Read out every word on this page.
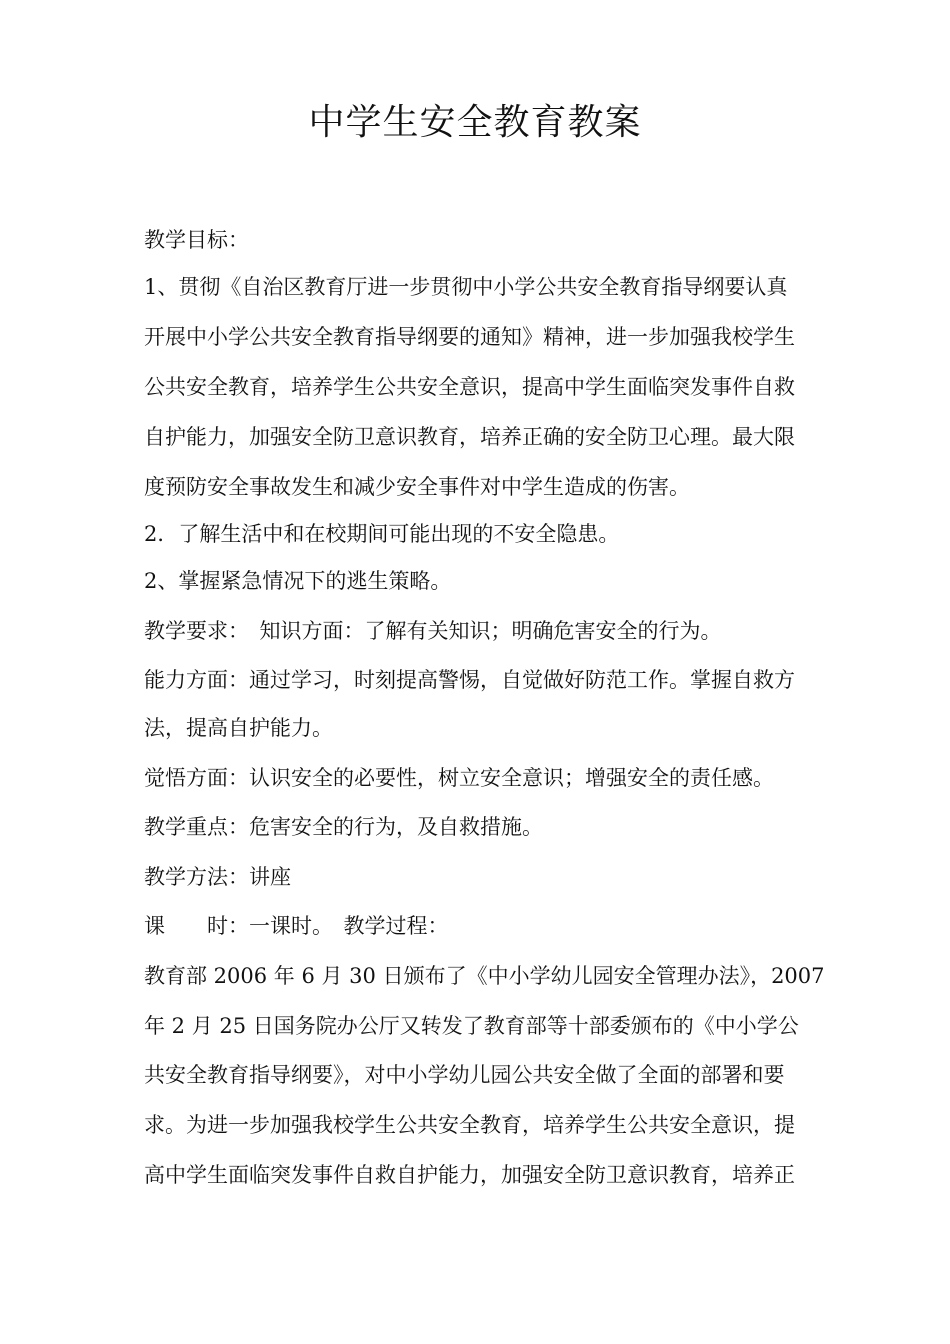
中学生安全教育教案
教学目标：
1、贯彻《自治区教育厅进一步贯彻中小学公共安全教育指导纲要认真
开展中小学公共安全教育指导纲要的通知》精神，进一步加强我校学生
公共安全教育，培养学生公共安全意识，提高中学生面临突发事件自救
自护能力，加强安全防卫意识教育，培养正确的安全防卫心理。最大限
度预防安全事故发生和减少安全事件对中学生造成的伤害。
2．了解生活中和在校期间可能出现的不安全隐患。
2、掌握紧急情况下的逃生策略。
教学要求：　知识方面：了解有关知识；明确危害安全的行为。
能力方面：通过学习，时刻提高警惕，自觉做好防范工作。掌握自救方
法，提高自护能力。
觉悟方面：认识安全的必要性，树立安全意识；增强安全的责任感。
教学重点：危害安全的行为，及自救措施。
教学方法：讲座
课　　时：一课时。　教学过程：
教育部 2006 年 6 月 30 日颁布了《中小学幼儿园安全管理办法》，2007
年 2 月 25 日国务院办公厅又转发了教育部等十部委颁布的《中小学公
共安全教育指导纲要》，对中小学幼儿园公共安全做了全面的部署和要
求。为进一步加强我校学生公共安全教育，培养学生公共安全意识，提
高中学生面临突发事件自救自护能力，加强安全防卫意识教育，培养正
